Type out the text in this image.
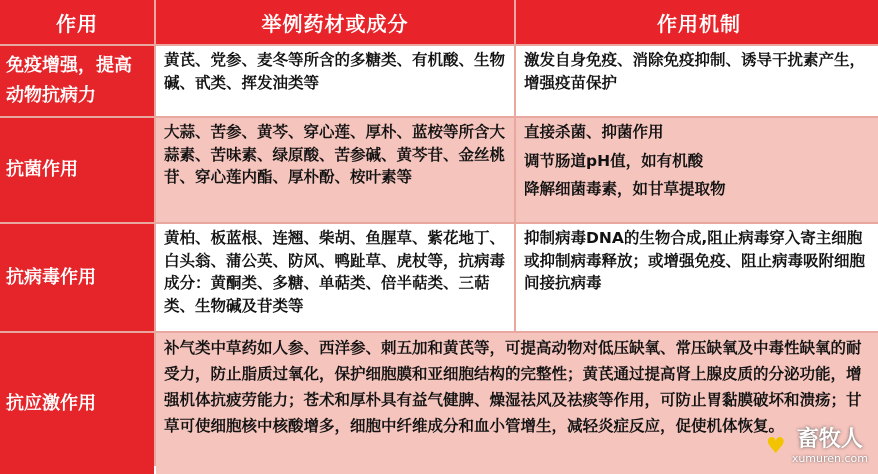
作用	举例药材或成分	作用机制
免疫增强，提高动物抗病力
黄芪、党参、麦冬等所含的多糖类、有机酸、生物碱、甙类、挥发油类等
激发自身免疫、消除免疫抑制、诱导干扰素产生，增强疫苗保护
抗菌作用
大蒜、苦参、黄芩、穿心莲、厚朴、蓝桉等所含大蒜素、苦味素、绿原酸、苦参碱、黄芩苷、金丝桃苷、穿心莲内酯、厚朴酚、桉叶素等
直接杀菌、抑菌作用
调节肠道pH值，如有机酸
降解细菌毒素，如甘草提取物
抗病毒作用
黄柏、板蓝根、连翘、柴胡、鱼腥草、紫花地丁、白头翁、蒲公英、防风、鸭趾草、虎杖等，抗病毒成分：黄酮类、多糖、单萜类、倍半萜类、三萜类、生物碱及苷类等
抑制病毒DNA的生物合成,阻止病毒穿入寄主细胞或抑制病毒释放；或增强免疫、阻止病毒吸附细胞间接抗病毒
抗应激作用
补气类中草药如人参、西洋参、刺五加和黄芪等，可提高动物对低压缺氧、常压缺氧及中毒性缺氧的耐受力，防止脂质过氧化，保护细胞膜和亚细胞结构的完整性；黄芪通过提高肾上腺皮质的分泌功能，增强机体抗疲劳能力；苍术和厚朴具有益气健脾、燥湿祛风及祛痰等作用，可防止胃黏膜破坏和溃疡；甘草可使细胞核中核酸增多，细胞中纤维成分和血小管增生，减轻炎症反应，促使机体恢复。
♥ 畜牧人
xumuren.com
